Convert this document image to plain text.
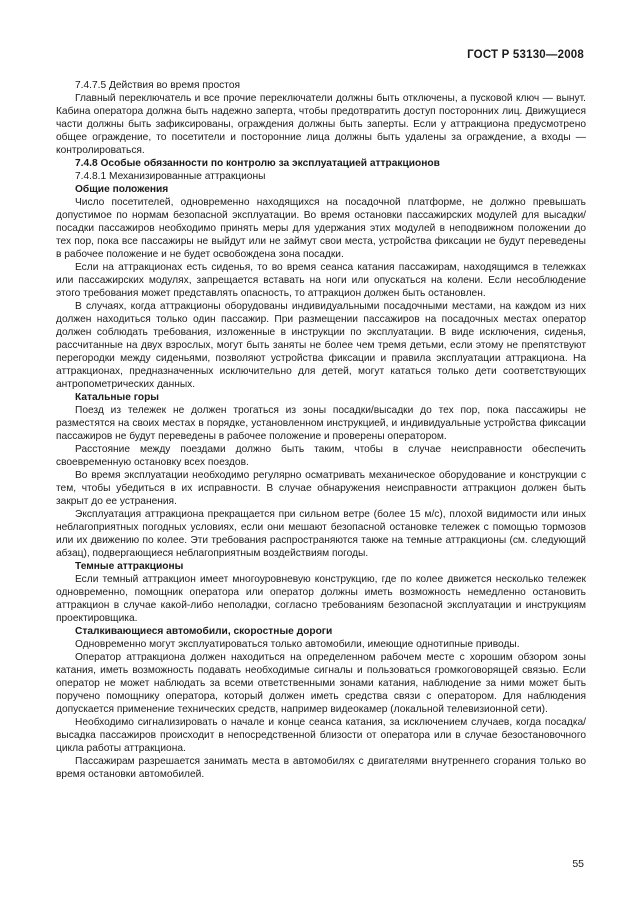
ГОСТ Р 53130—2008

7.4.7.5 Действия во время простоя

Главный переключатель и все прочие переключатели должны быть отключены, а пусковой ключ — вынут. Кабина оператора должна быть надежно заперта, чтобы предотвратить доступ посторонних лиц. Движущиеся части должны быть зафиксированы, ограждения должны быть заперты. Если у аттракциона предусмотрено общее ограждение, то посетители и посторонние лица должны быть удалены за ограждение, а входы — контролироваться.

7.4.8 Особые обязанности по контролю за эксплуатацией аттракционов

7.4.8.1 Механизированные аттракционы

Общие положения

Число посетителей, одновременно находящихся на посадочной платформе, не должно превышать допустимое по нормам безопасной эксплуатации. Во время остановки пассажирских модулей для высадки/посадки пассажиров необходимо принять меры для удержания этих модулей в неподвижном положении до тех пор, пока все пассажиры не выйдут или не займут свои места, устройства фиксации не будут переведены в рабочее положение и не будет освобождена зона посадки.

Если на аттракционах есть сиденья, то во время сеанса катания пассажирам, находящимся в тележках или пассажирских модулях, запрещается вставать на ноги или опускаться на колени. Если несоблюдение этого требования может представлять опасность, то аттракцион должен быть остановлен.

В случаях, когда аттракционы оборудованы индивидуальными посадочными местами, на каждом из них должен находиться только один пассажир. При размещении пассажиров на посадочных местах оператор должен соблюдать требования, изложенные в инструкции по эксплуатации. В виде исключения, сиденья, рассчитанные на двух взрослых, могут быть заняты не более чем тремя детьми, если этому не препятствуют перегородки между сиденьями, позволяют устройства фиксации и правила эксплуатации аттракциона. На аттракционах, предназначенных исключительно для детей, могут кататься только дети соответствующих антропометрических данных.

Катальные горы

Поезд из тележек не должен трогаться из зоны посадки/высадки до тех пор, пока пассажиры не разместятся на своих местах в порядке, установленном инструкцией, и индивидуальные устройства фиксации пассажиров не будут переведены в рабочее положение и проверены оператором.

Расстояние между поездами должно быть таким, чтобы в случае неисправности обеспечить своевременную остановку всех поездов.

Во время эксплуатации необходимо регулярно осматривать механическое оборудование и конструкции с тем, чтобы убедиться в их исправности. В случае обнаружения неисправности аттракцион должен быть закрыт до ее устранения.

Эксплуатация аттракциона прекращается при сильном ветре (более 15 м/с), плохой видимости или иных неблагоприятных погодных условиях, если они мешают безопасной остановке тележек с помощью тормозов или их движению по колее. Эти требования распространяются также на темные аттракционы (см. следующий абзац), подвергающиеся неблагоприятным воздействиям погоды.

Темные аттракционы

Если темный аттракцион имеет многоуровневую конструкцию, где по колее движется несколько тележек одновременно, помощник оператора или оператор должны иметь возможность немедленно остановить аттракцион в случае какой-либо неполадки, согласно требованиям безопасной эксплуатации и инструкциям проектировщика.

Сталкивающиеся автомобили, скоростные дороги

Одновременно могут эксплуатироваться только автомобили, имеющие однотипные приводы.

Оператор аттракциона должен находиться на определенном рабочем месте с хорошим обзором зоны катания, иметь возможность подавать необходимые сигналы и пользоваться громкоговорящей связью. Если оператор не может наблюдать за всеми ответственными зонами катания, наблюдение за ними может быть поручено помощнику оператора, который должен иметь средства связи с оператором. Для наблюдения допускается применение технических средств, например видеокамер (локальной телевизионной сети).

Необходимо сигнализировать о начале и конце сеанса катания, за исключением случаев, когда посадка/высадка пассажиров происходит в непосредственной близости от оператора или в случае безостановочного цикла работы аттракциона.

Пассажирам разрешается занимать места в автомобилях с двигателями внутреннего сгорания только во время остановки автомобилей.

55
